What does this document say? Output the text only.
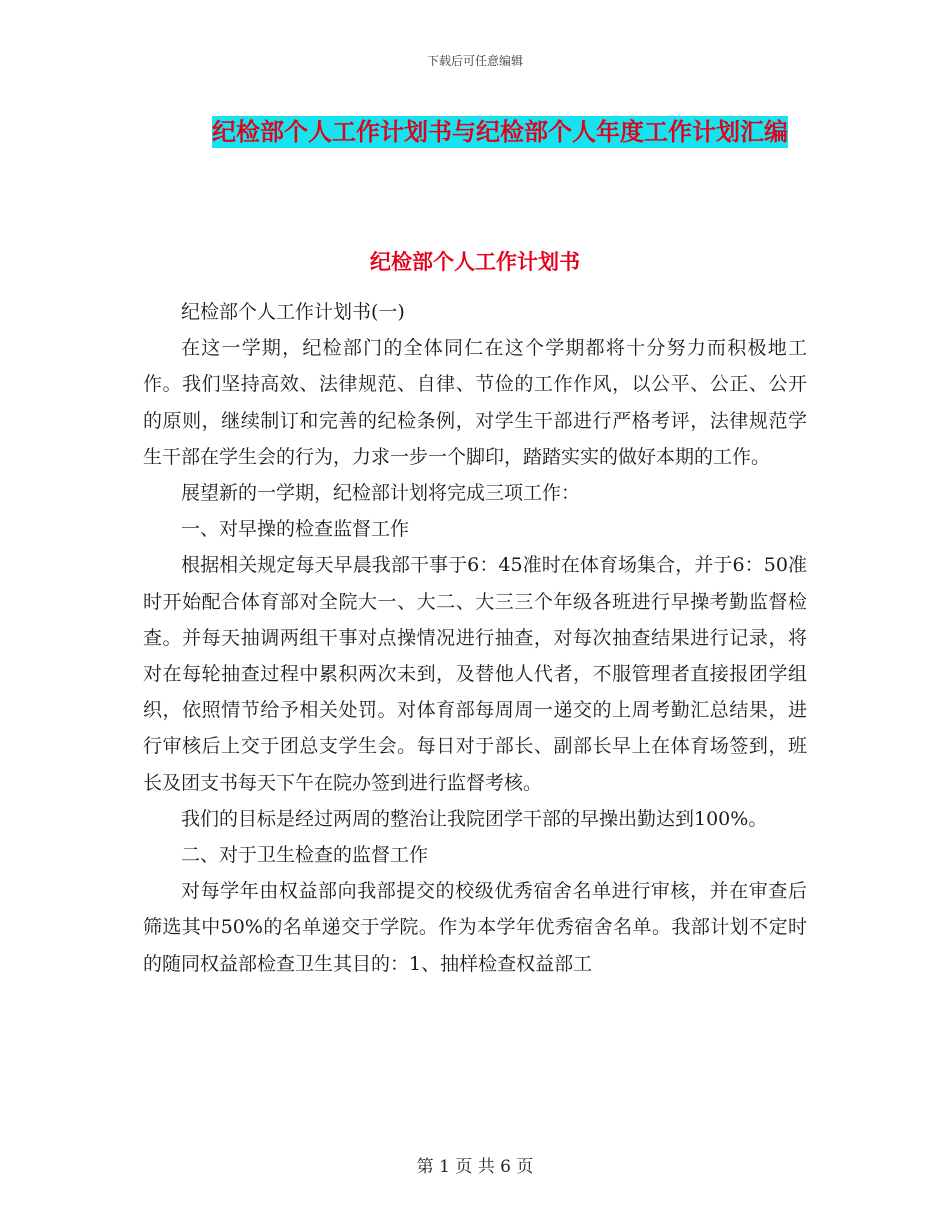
下载后可任意编辑
纪检部个人工作计划书与纪检部个人年度工作计划汇编
纪检部个人工作计划书

纪检部个人工作计划书(一)

在这一学期，纪检部门的全体同仁在这个学期都将十分努力而积极地工作。我们坚持高效、法律规范、自律、节俭的工作作风，以公平、公正、公开的原则，继续制订和完善的纪检条例，对学生干部进行严格考评，法律规范学生干部在学生会的行为，力求一步一个脚印，踏踏实实的做好本期的工作。

展望新的一学期，纪检部计划将完成三项工作：

一、对早操的检查监督工作

根据相关规定每天早晨我部干事于6：45准时在体育场集合，并于6：50准时开始配合体育部对全院大一、大二、大三三个年级各班进行早操考勤监督检查。并每天抽调两组干事对点操情况进行抽查，对每次抽查结果进行记录，将对在每轮抽查过程中累积两次未到，及替他人代者，不服管理者直接报团学组织，依照情节给予相关处罚。对体育部每周周一递交的上周考勤汇总结果，进行审核后上交于团总支学生会。每日对于部长、副部长早上在体育场签到，班长及团支书每天下午在院办签到进行监督考核。

我们的目标是经过两周的整治让我院团学干部的早操出勤达到100%。

二、对于卫生检查的监督工作

对每学年由权益部向我部提交的校级优秀宿舍名单进行审核，并在审查后筛选其中50%的名单递交于学院。作为本学年优秀宿舍名单。我部计划不定时的随同权益部检查卫生其目的：1、抽样检查权益部工

第 1 页 共 6 页
